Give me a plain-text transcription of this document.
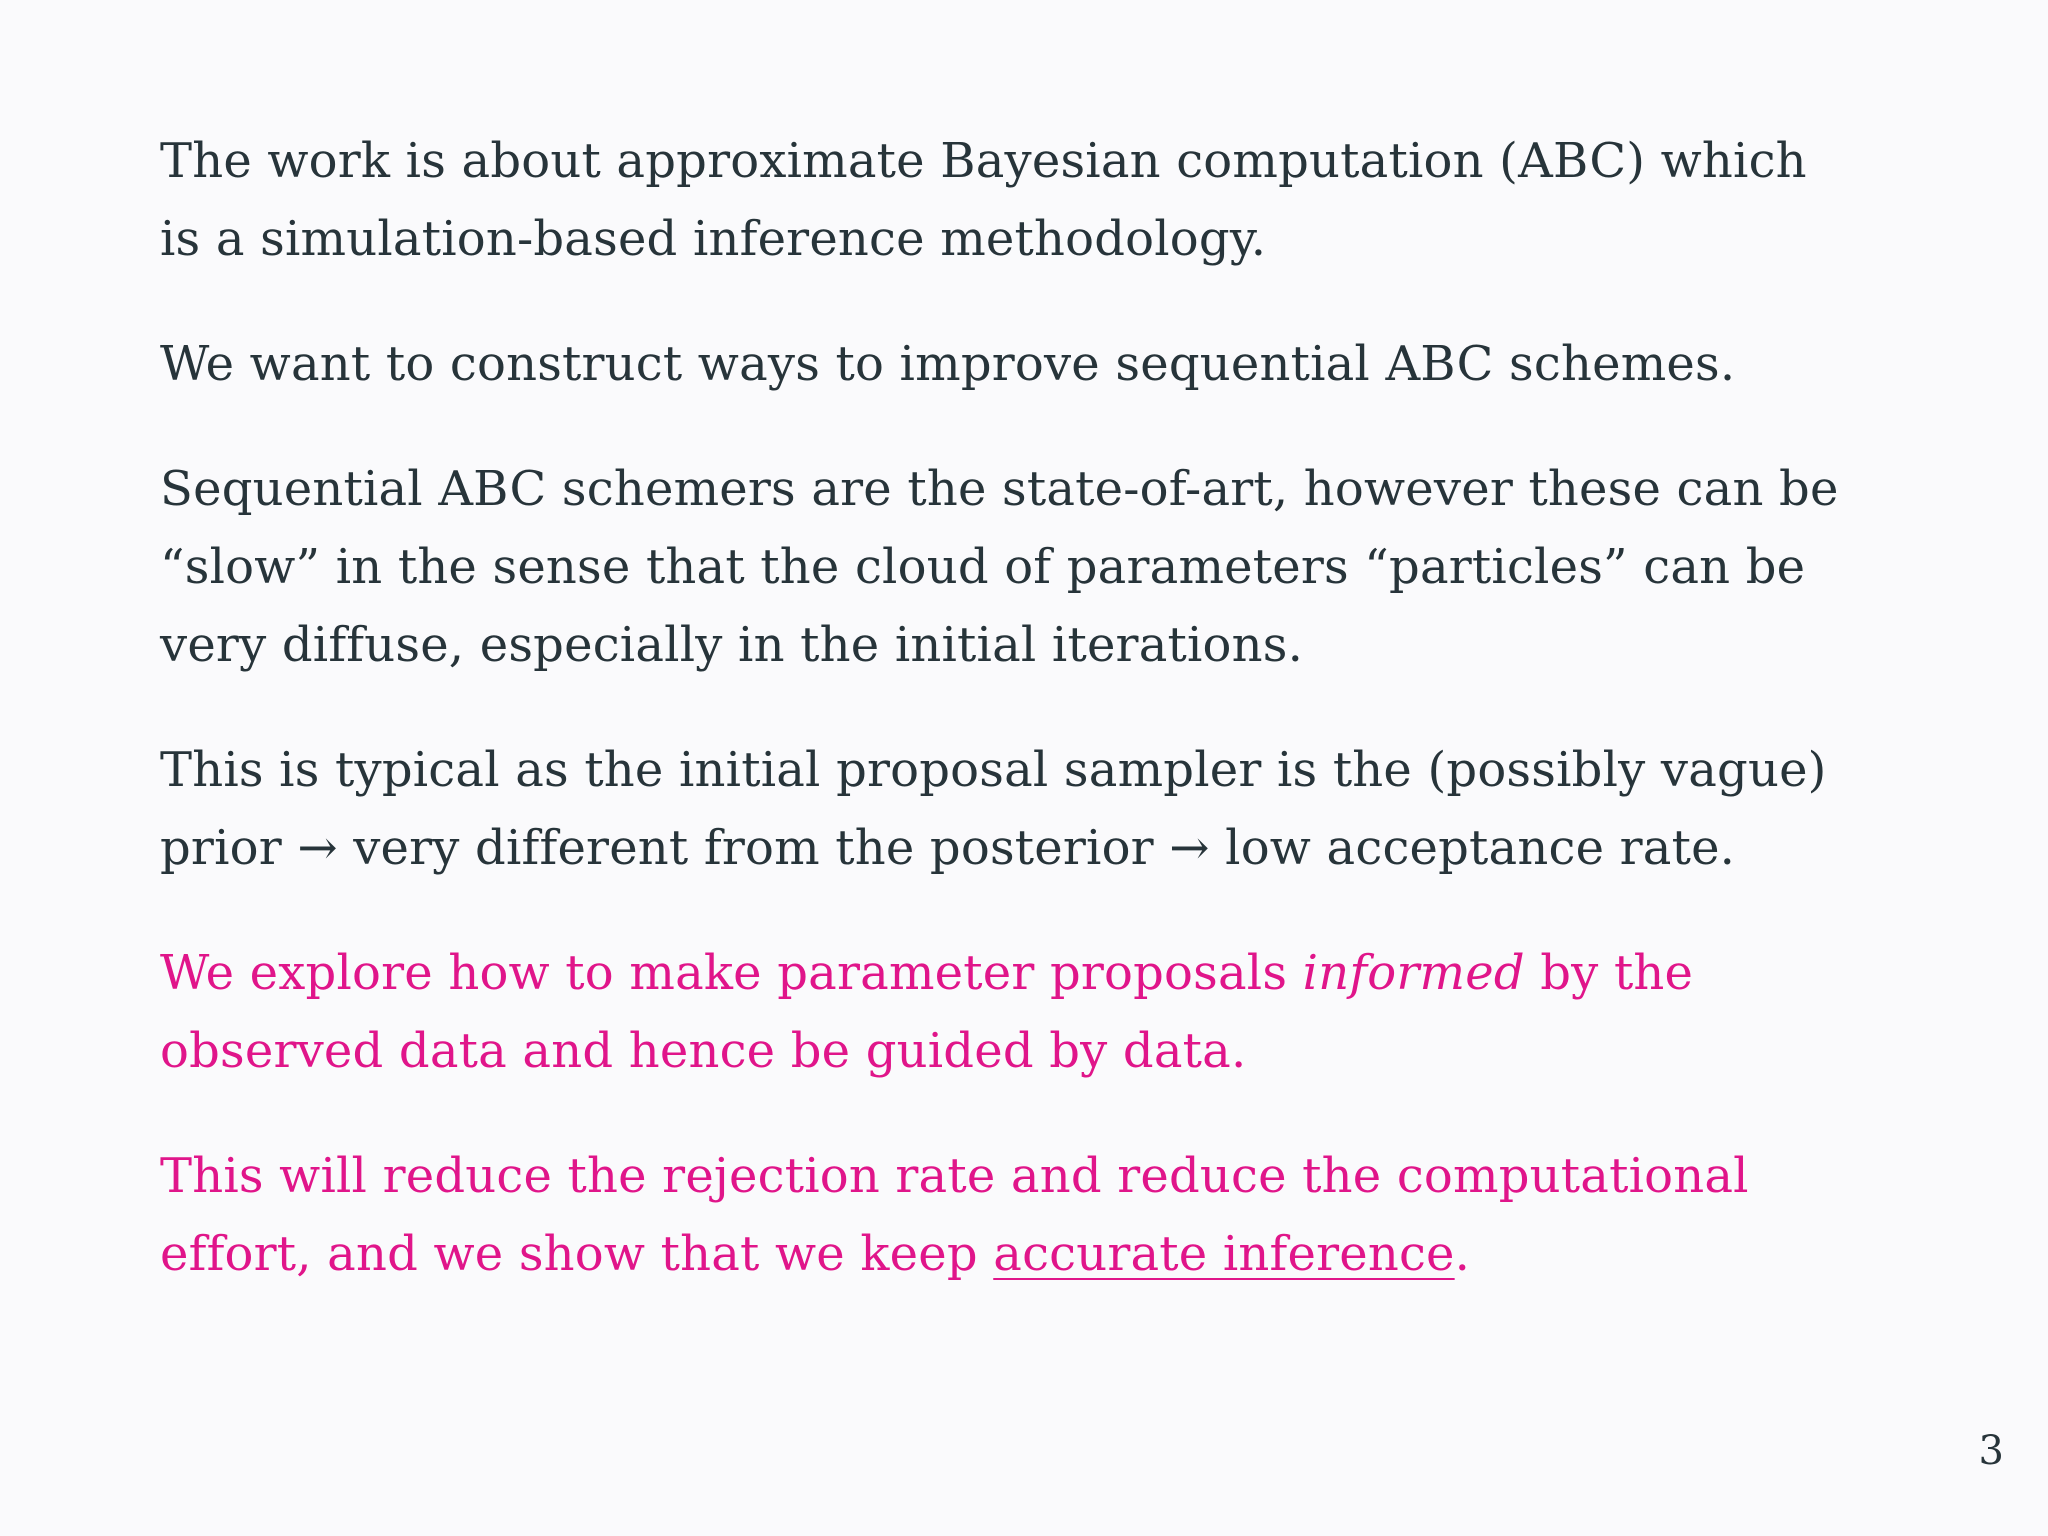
The work is about approximate Bayesian computation (ABC) which
is a simulation-based inference methodology.

We want to construct ways to improve sequential ABC schemes.

Sequential ABC schemers are the state-of-art, however these can be
“slow” in the sense that the cloud of parameters “particles” can be
very diffuse, especially in the initial iterations.

This is typical as the initial proposal sampler is the (possibly vague)
prior → very different from the posterior → low acceptance rate.

We explore how to make parameter proposals informed by the
observed data and hence be guided by data.

This will reduce the rejection rate and reduce the computational
effort, and we show that we keep accurate inference.

3
